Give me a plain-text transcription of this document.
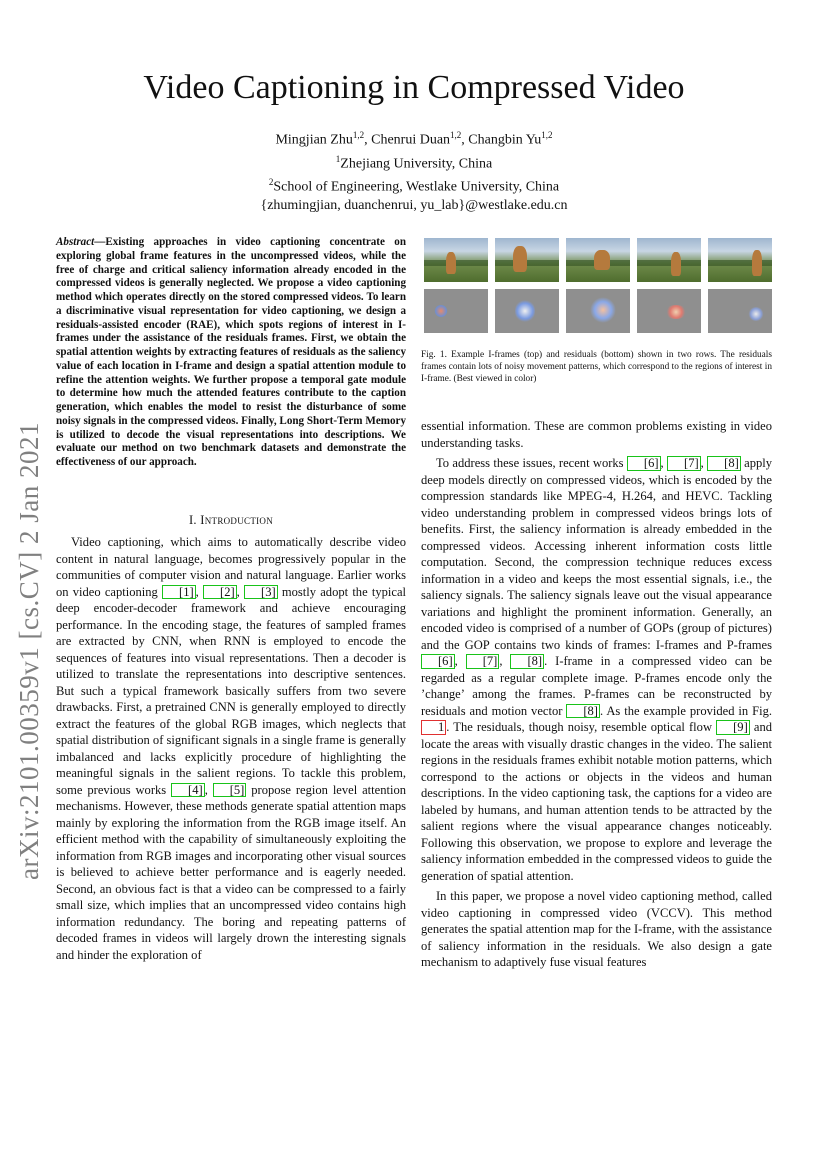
arXiv:2101.00359v1 [cs.CV] 2 Jan 2021
Video Captioning in Compressed Video
Mingjian Zhu$^{1,2}$, Chenrui Duan$^{1,2}$, Changbin Yu$^{1,2}$
$^1$Zhejiang University, China
$^2$School of Engineering, Westlake University, China
{zhumingjian, duanchenrui, yu_lab}@westlake.edu.cn
Abstract—Existing approaches in video captioning concentrate on exploring global frame features in the uncompressed videos, while the free of charge and critical saliency information already encoded in the compressed videos is generally neglected. We propose a video captioning method which operates directly on the stored compressed videos. To learn a discriminative visual representation for video captioning, we design a residuals-assisted encoder (RAE), which spots regions of interest in I-frames under the assistance of the residuals frames. First, we obtain the spatial attention weights by extracting features of residuals as the saliency value of each location in I-frame and design a spatial attention module to refine the attention weights. We further propose a temporal gate module to determine how much the attended features contribute to the caption generation, which enables the model to resist the disturbance of some noisy signals in the compressed videos. Finally, Long Short-Term Memory is utilized to decode the visual representations into descriptions. We evaluate our method on two benchmark datasets and demonstrate the effectiveness of our approach.
I. Introduction

Video captioning, which aims to automatically describe video content in natural language, becomes progressively popular in the communities of computer vision and natural language. Earlier works on video captioning [1] , [2] , [3] mostly adopt the typical deep encoder-decoder framework and achieve encouraging performance. In the encoding stage, the features of sampled frames are extracted by CNN, when RNN is employed to encode the sequences of features into visual representations. Then a decoder is utilized to translate the representations into descriptive sentences. But such a typical framework basically suffers from two severe drawbacks. First, a pretrained CNN is generally employed to directly extract the features of the global RGB images, which neglects that spatial distribution of significant signals in a single frame is generally imbalanced and lacks explicitly procedure of highlighting the meaningful signals in the salient regions. To tackle this problem, some previous works [4] , [5] propose region level attention mechanisms. However, these methods generate spatial attention maps mainly by exploring the information from the RGB image itself. An efficient method with the capability of simultaneously exploiting the information from RGB images and incorporating other visual sources is believed to achieve better performance and is eagerly needed. Second, an obvious fact is that a video can be compressed to a fairly small size, which implies that an uncompressed video contains high information redundancy. The boring and repeating patterns of decoded frames in videos will largely drown the interesting signals and hinder the exploration of

Fig. 1. Example I-frames (top) and residuals (bottom) shown in two rows. The residuals frames contain lots of noisy movement patterns, which correspond to the regions of interest in I-frame. (Best viewed in color)

essential information. These are common problems existing in video understanding tasks.

To address these issues, recent works [6] , [7] , [8] apply deep models directly on compressed videos, which is encoded by the compression standards like MPEG-4, H.264, and HEVC. Tackling video understanding problem in compressed videos brings lots of benefits. First, the saliency information is already embedded in the compressed videos. Accessing inherent information costs little computation. Second, the compression technique reduces excess information in a video and keeps the most essential signals, i.e., the saliency signals. The saliency signals leave out the visual appearance variations and highlight the prominent information. Generally, an encoded video is comprised of a number of GOPs (group of pictures) and the GOP contains two kinds of frames: I-frames and P-frames [6] , [7] , [8] . I-frame in a compressed video can be regarded as a regular complete image. P-frames encode only the ’change’ among the frames. P-frames can be reconstructed by residuals and motion vector [8] . As the example provided in Fig. 1 . The residuals, though noisy, resemble optical flow [9] and locate the areas with visually drastic changes in the video. The salient regions in the residuals frames exhibit notable motion patterns, which correspond to the actions or objects in the videos and human descriptions. In the video captioning task, the captions for a video are labeled by humans, and human attention tends to be attracted by the salient regions where the visual appearance changes noticeably. Following this observation, we propose to explore and leverage the saliency information embedded in the compressed videos to guide the generation of spatial attention.

In this paper, we propose a novel video captioning method, called video captioning in compressed video (VCCV). This method generates the spatial attention map for the I-frame, with the assistance of saliency information in the residuals. We also design a gate mechanism to adaptively fuse visual features
